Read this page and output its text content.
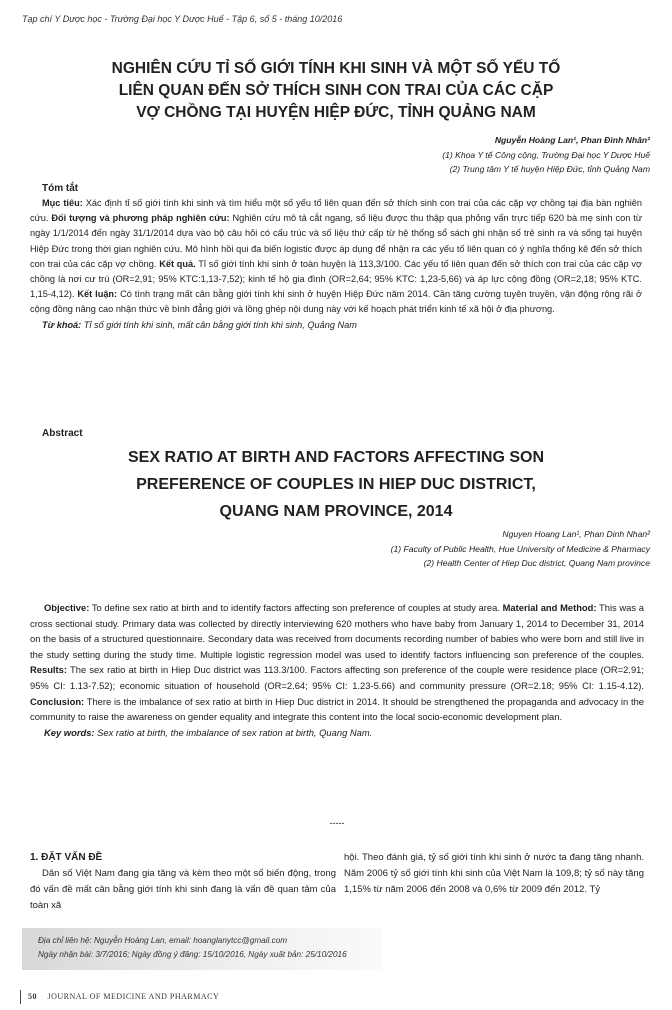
Tạp chí Y Dược học - Trường Đại học Y Dược Huế - Tập 6, số 5 - tháng 10/2016
NGHIÊN CỨU TỈ SỐ GIỚI TÍNH KHI SINH VÀ MỘT SỐ YẾU TỐ
LIÊN QUAN ĐẾN SỞ THÍCH SINH CON TRAI CỦA CÁC CẶP
VỢ CHỒNG TẠI HUYỆN HIỆP ĐỨC, TỈNH QUẢNG NAM
Nguyễn Hoàng Lan¹, Phan Đình Nhân²
(1) Khoa Y tế Công cộng, Trường Đại học Y Dược Huế
(2) Trung tâm Y tế huyện Hiệp Đức, tỉnh Quảng Nam
Tóm tắt
Mục tiêu: Xác định tỉ số giới tính khi sinh và tìm hiểu một số yếu tố liên quan đến sở thích sinh con trai của các cặp vợ chồng tại địa bàn nghiên cứu. Đối tượng và phương pháp nghiên cứu: Nghiên cứu mô tả cắt ngang, số liệu được thu thập qua phỏng vấn trực tiếp 620 bà mẹ sinh con từ ngày 1/1/2014 đến ngày 31/1/2014 dựa vào bộ câu hỏi có cấu trúc và số liệu thứ cấp từ hệ thống sổ sách ghi nhận số trẻ sinh ra và sống tại huyện Hiệp Đức trong thời gian nghiên cứu. Mô hình hồi qui đa biến logistic được áp dụng để nhận ra các yếu tố liên quan có ý nghĩa thống kê đến sở thích con trai của các cặp vợ chồng. Kết quả. Tỉ số giới tính khi sinh ở toàn huyện là 113,3/100. Các yếu tố liên quan đến sở thích con trai của các cặp vợ chồng là nơi cư trú (OR=2,91; 95% KTC:1,13-7,52); kinh tế hộ gia đình (OR=2,64; 95% KTC: 1,23-5,66) và áp lực cộng đồng (OR=2,18; 95% KTC. 1,15-4,12). Kết luận: Có tình trạng mất cân bằng giới tính khi sinh ở huyện Hiệp Đức năm 2014. Cần tăng cường tuyên truyền, vận động rộng rãi ở cộng đồng nâng cao nhận thức về bình đẳng giới và lồng ghép nội dung này với kế hoạch phát triển kinh tế xã hội ở địa phương.
Từ khoá: Tỉ số giới tính khi sinh, mất cân bằng giới tính khi sinh, Quảng Nam
Abstract
SEX RATIO AT BIRTH AND FACTORS AFFECTING SON
PREFERENCE OF COUPLES IN HIEP DUC DISTRICT,
QUANG NAM PROVINCE, 2014
Nguyen Hoang Lan¹, Phan Dinh Nhan²
(1) Faculty of Public Health, Hue University of Medicine & Pharmacy
(2) Health Center of Hiep Duc district, Quang Nam province
Objective: To define sex ratio at birth and to identify factors affecting son preference of couples at study area. Material and Method: This was a cross sectional study. Primary data was collected by directly interviewing 620 mothers who have baby from January 1, 2014 to December 31, 2014 on the basis of a structured questionnaire. Secondary data was received from documents recording number of babies who were born and still live in the study setting during the study time. Multiple logistic regression model was used to identify factors influencing son preference of the couples. Results: The sex ratio at birth in Hiep Duc district was 113.3/100. Factors affecting son preference of the couple were residence place (OR=2.91; 95% CI: 1.13-7.52); economic situation of household (OR=2.64; 95% CI: 1.23-5.66) and community pressure (OR=2.18; 95% CI: 1.15-4.12). Conclusion: There is the imbalance of sex ratio at birth in Hiep Duc district in 2014. It should be strengthened the propaganda and advocacy in the community to raise the awareness on gender equality and integrate this content into the local socio-economic development plan.
Key words: Sex ratio at birth, the imbalance of sex ration at birth, Quang Nam.
-----
1. ĐẶT VẤN ĐỀ
Dân số Việt Nam đang gia tăng và kèm theo một số biến động, trong đó vấn đề mất cân bằng giới tính khi sinh đang là vấn đề quan tâm của toàn xã
hội. Theo đánh giá, tỷ số giới tính khi sinh ở nước ta đang tăng nhanh. Năm 2006 tỷ số giới tính khi sinh của Việt Nam là 109,8; tỷ số này tăng 1,15% từ năm 2006 đến 2008 và 0,6% từ 2009 đến 2012. Tỷ

Địa chỉ liên hệ: Nguyễn Hoàng Lan, email: hoanglanytcc@gmail.com

Ngày nhận bài: 3/7/2016; Ngày đồng ý đăng: 15/10/2016, Ngày xuất bản: 25/10/2016

50 JOURNAL OF MEDICINE AND PHARMACY
